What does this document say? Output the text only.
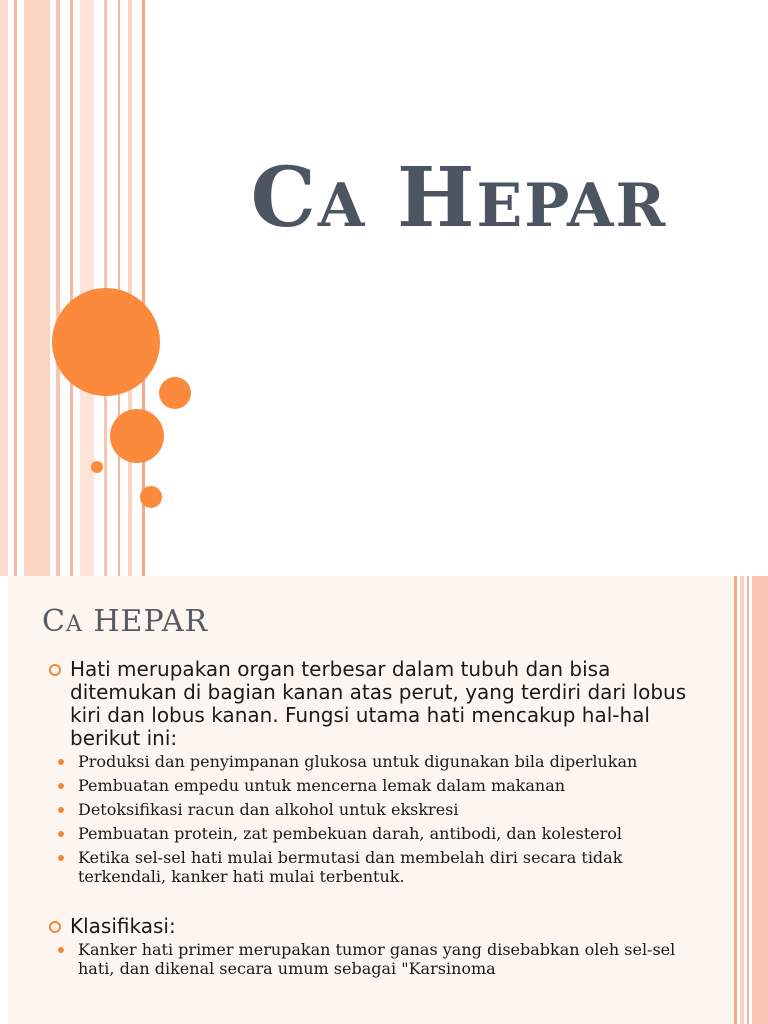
CA HEPAR
CA HEPAR
Hati merupakan organ terbesar dalam tubuh dan bisa ditemukan di bagian kanan atas perut, yang terdiri dari lobus kiri dan lobus kanan. Fungsi utama hati mencakup hal-hal berikut ini:
Produksi dan penyimpanan glukosa untuk digunakan bila diperlukan
Pembuatan empedu untuk mencerna lemak dalam makanan
Detoksifikasi racun dan alkohol untuk ekskresi
Pembuatan protein, zat pembekuan darah, antibodi, dan kolesterol
Ketika sel-sel hati mulai bermutasi dan membelah diri secara tidak terkendali, kanker hati mulai terbentuk.
Klasifikasi:
Kanker hati primer merupakan tumor ganas yang disebabkan oleh sel-sel hati, dan dikenal secara umum sebagai "Karsinoma
